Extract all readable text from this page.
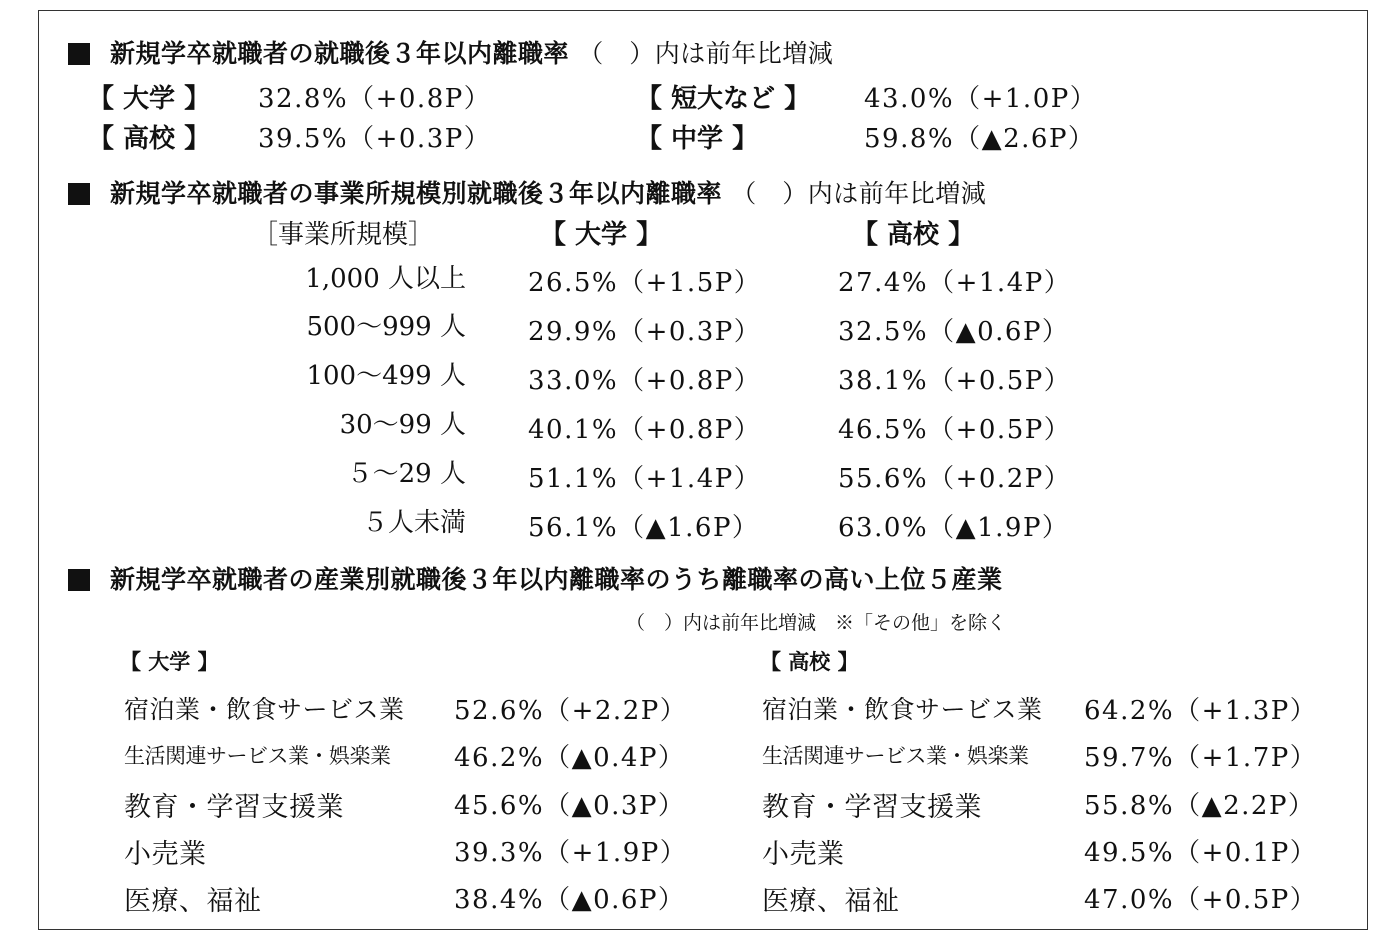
新規学卒就職者の就職後３年以内離職率 （　）内は前年比増減
【 大学 】 32.8%（+0.8P）	【 短大など 】 43.0%（+1.0P）
【 高校 】 39.5%（+0.3P）	【 中学 】	59.8%（▲2.6P）
新規学卒就職者の事業所規模別就職後３年以内離職率 （　）内は前年比増減
［事業所規模］	【 大学 】	【 高校 】
1,000 人以上 26.5%（+1.5P）	27.4%（+1.4P）
500～999 人 29.9%（+0.3P）	32.5%（▲0.6P）
100～499 人 33.0%（+0.8P）	38.1%（+0.5P）
30～99 人 40.1%（+0.8P）	46.5%（+0.5P）
５～29 人 51.1%（+1.4P）	55.6%（+0.2P）
５人未満 56.1%（▲1.6P）	63.0%（▲1.9P）
新規学卒就職者の産業別就職後３年以内離職率のうち離職率の高い上位５産業
（　）内は前年比増減　※「その他」を除く
【 大学 】	【 高校 】
宿泊業・飲食サービス業 52.6%（+2.2P）
生活関連サービス業・娯楽業 46.2%（▲0.4P）
教育・学習支援業	45.6%（▲0.3P）
小売業	39.3%（+1.9P）
医療、福祉	38.4%（▲0.6P）
宿泊業・飲食サービス業 64.2%（+1.3P）
生活関連サービス業・娯楽業 59.7%（+1.7P）
教育・学習支援業	55.8%（▲2.2P）
小売業	49.5%（+0.1P）
医療、福祉	47.0%（+0.5P）
